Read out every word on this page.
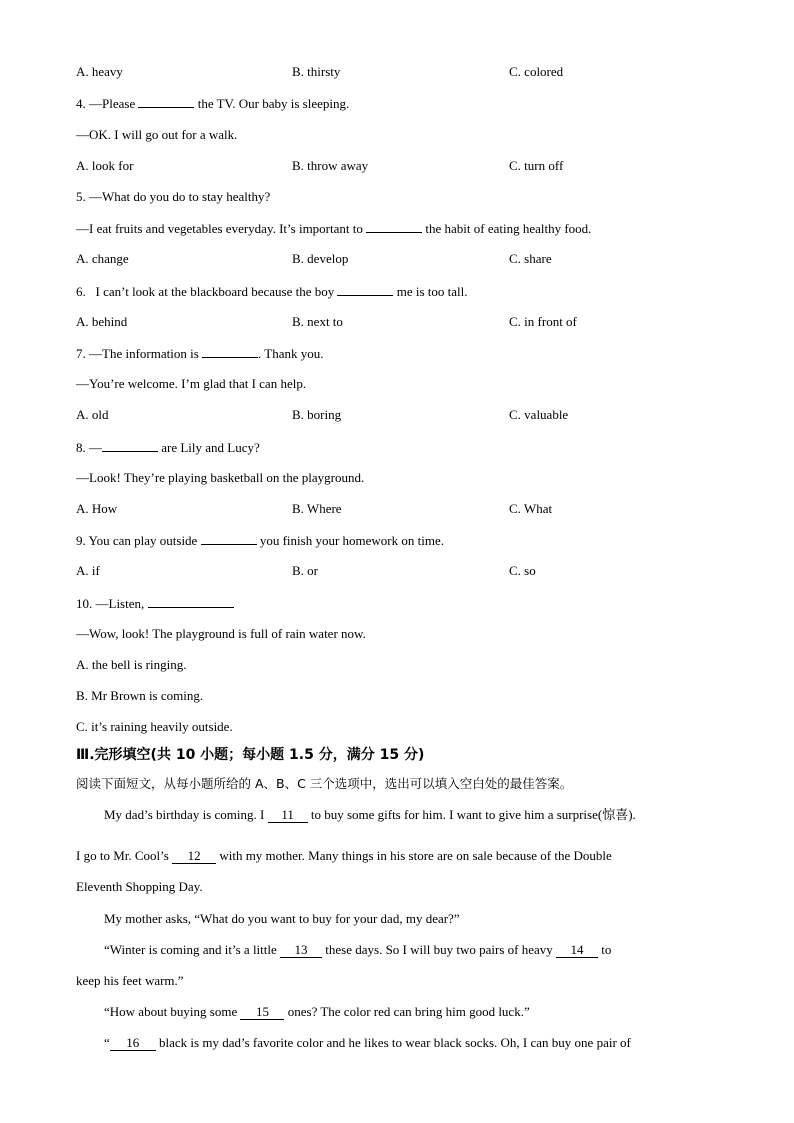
A. heavy	B. thirsty	C. colored
4. —Please	the TV. Our baby is sleeping.
—OK. I will go out for a walk.
A. look for	B. throw away	C. turn off
5. —What do you do to stay healthy?
—I eat fruits and vegetables everyday. It’s important to	the habit of eating healthy food.
A. change	B. develop	C. share
6.   I can’t look at the blackboard because the boy	me is too tall.
A. behind	B. next to	C. in front of
7. —The information is	. Thank you.
—You’re welcome. I’m glad that I can help.
A. old	B. boring	C. valuable
8. —	are Lily and Lucy?
—Look! They’re playing basketball on the playground.
A. How	B. Where	C. What
9. You can play outside	you finish your homework on time.
A. if	B. or	C. so
10. —Listen,
—Wow, look! The playground is full of rain water now.
A. the bell is ringing.
B. Mr Brown is coming.
C. it’s raining heavily outside.
Ⅲ.完形填空(共 10 小题；每小题 1.5 分，满分 15 分)
阅读下面短文，从每小题所给的 A、B、C 三个选项中，选出可以填入空白处的最佳答案。
My dad’s birthday is coming. I 11 to buy some gifts for him. I want to give him a surprise(惊喜).
I go to Mr. Cool’s 12 with my mother. Many things in his store are on sale because of the Double
Eleventh Shopping Day.
My mother asks, “What do you want to buy for your dad, my dear?”
“Winter is coming and it’s a little 13 these days. So I will buy two pairs of heavy 14 to
keep his feet warm.”
“How about buying some 15 ones? The color red can bring him good luck.”
“ 16 black is my dad’s favorite color and he likes to wear black socks. Oh, I can buy one pair of
